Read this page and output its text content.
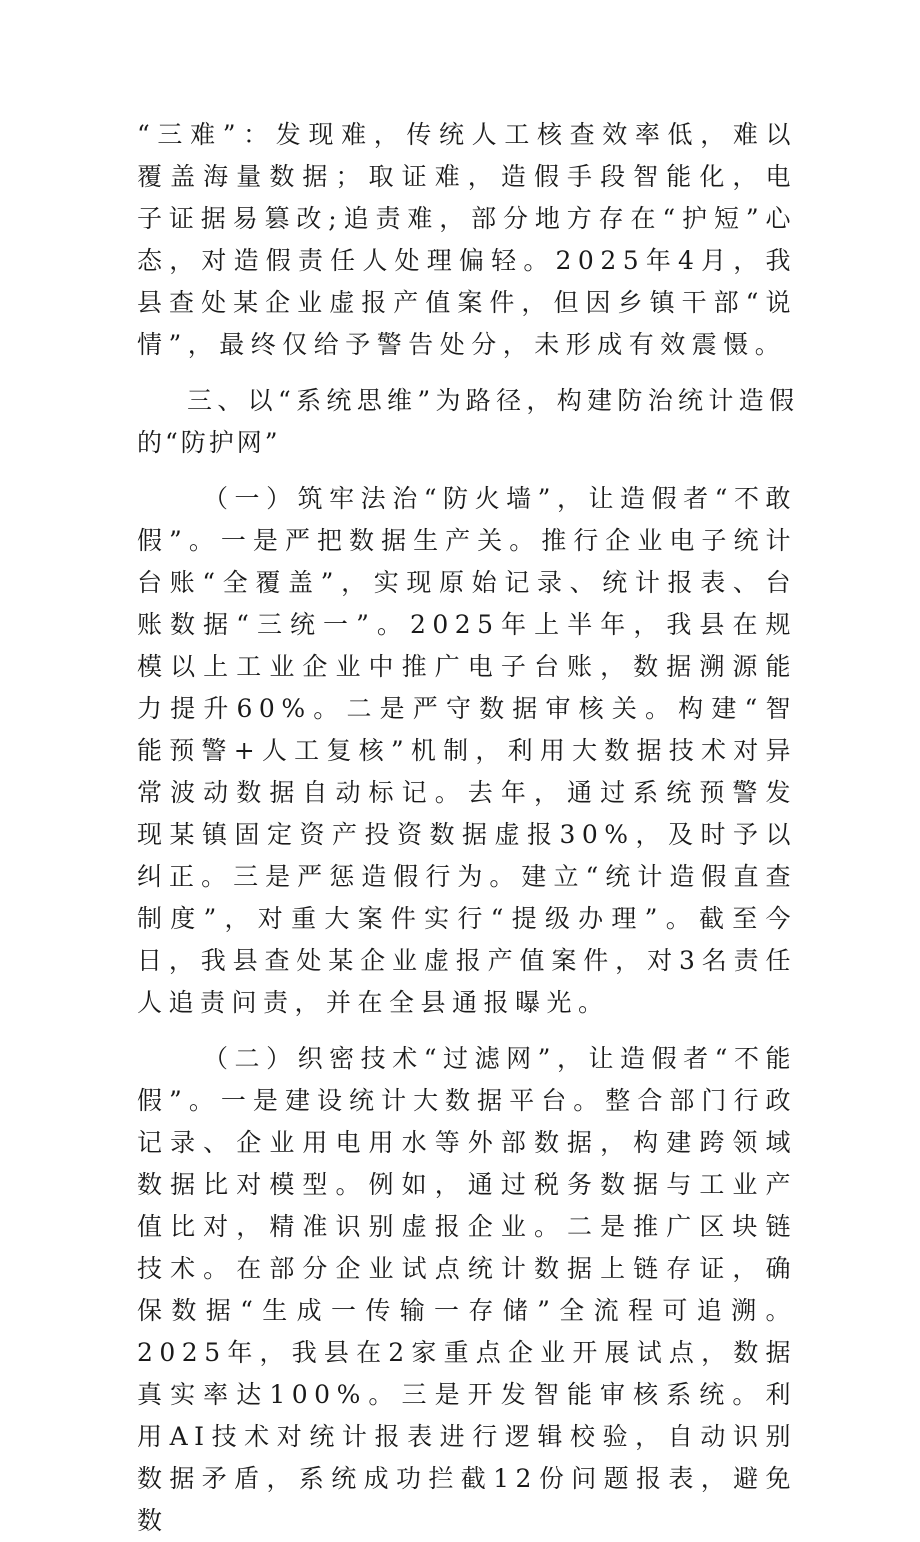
“三难”：发现难，传统人工核查效率低，难以覆盖海量数据；取证难，造假手段智能化，电子证据易篡改;追责难，部分地方存在“护短”心态，对造假责任人处理偏轻。2025年4月，我县查处某企业虚报产值案件，但因乡镇干部“说情”，最终仅给予警告处分，未形成有效震慑。

三、以“系统思维”为路径，构建防治统计造假的“防护网”

（一）筑牢法治“防火墙”，让造假者“不敢假”。一是严把数据生产关。推行企业电子统计台账“全覆盖”，实现原始记录、统计报表、台账数据“三统一”。2025年上半年，我县在规模以上工业企业中推广电子台账，数据溯源能力提升60%。二是严守数据审核关。构建“智能预警+人工复核”机制，利用大数据技术对异常波动数据自动标记。去年，通过系统预警发现某镇固定资产投资数据虚报30%，及时予以纠正。三是严惩造假行为。建立“统计造假直查制度”，对重大案件实行“提级办理”。截至今日，我县查处某企业虚报产值案件，对3名责任人追责问责，并在全县通报曝光。

（二）织密技术“过滤网”，让造假者“不能假”。一是建设统计大数据平台。整合部门行政记录、企业用电用水等外部数据，构建跨领域数据比对模型。例如，通过税务数据与工业产值比对，精准识别虚报企业。二是推广区块链技术。在部分企业试点统计数据上链存证，确保数据“生成一传输一存储”全流程可追溯。2025年，我县在2家重点企业开展试点，数据真实率达100%。三是开发智能审核系统。利用AI技术对统计报表进行逻辑校验，自动识别数据矛盾，系统成功拦截12份问题报表，避免数
